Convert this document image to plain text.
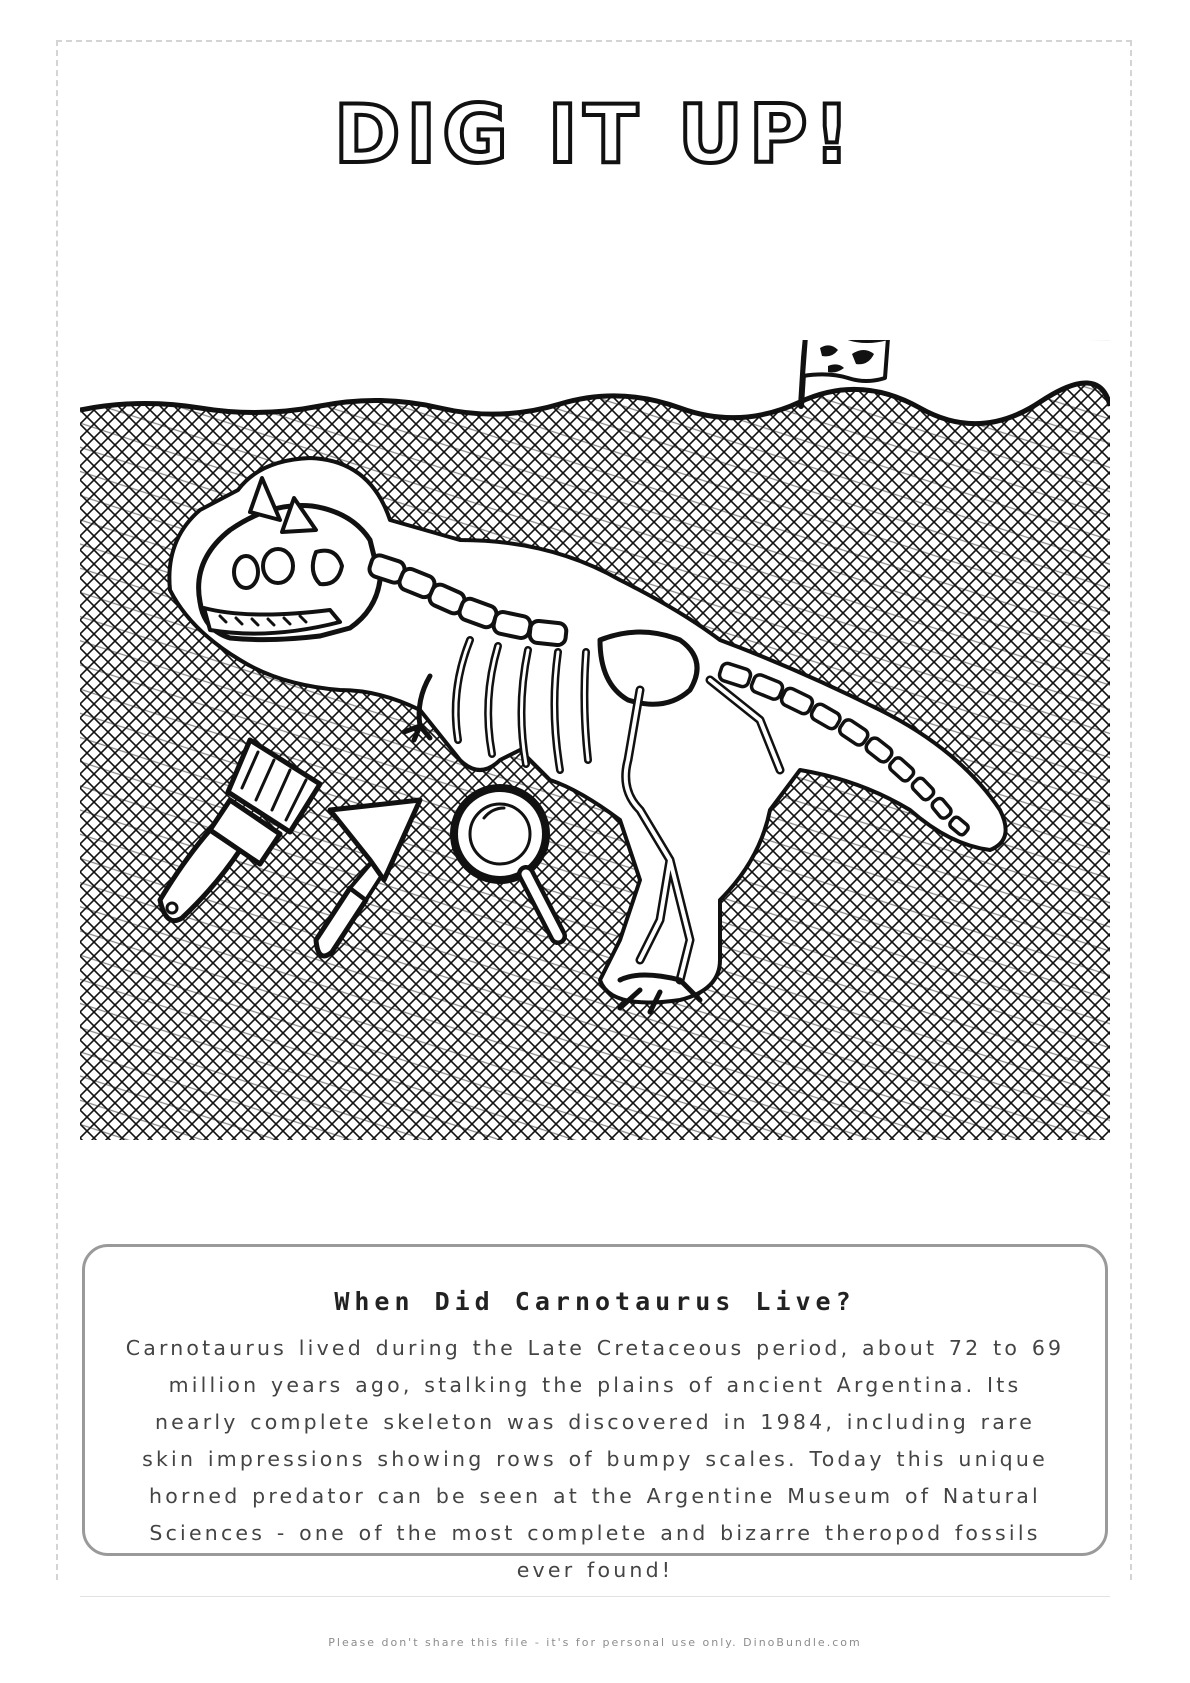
DIG IT UP!
When Did Carnotaurus Live?

Carnotaurus lived during the Late Cretaceous period, about 72 to 69 million years ago, stalking the plains of ancient Argentina. Its nearly complete skeleton was discovered in 1984, including rare skin impressions showing rows of bumpy scales. Today this unique horned predator can be seen at the Argentine Museum of Natural Sciences - one of the most complete and bizarre theropod fossils ever found!

Please don't share this file - it's for personal use only. DinoBundle.com
